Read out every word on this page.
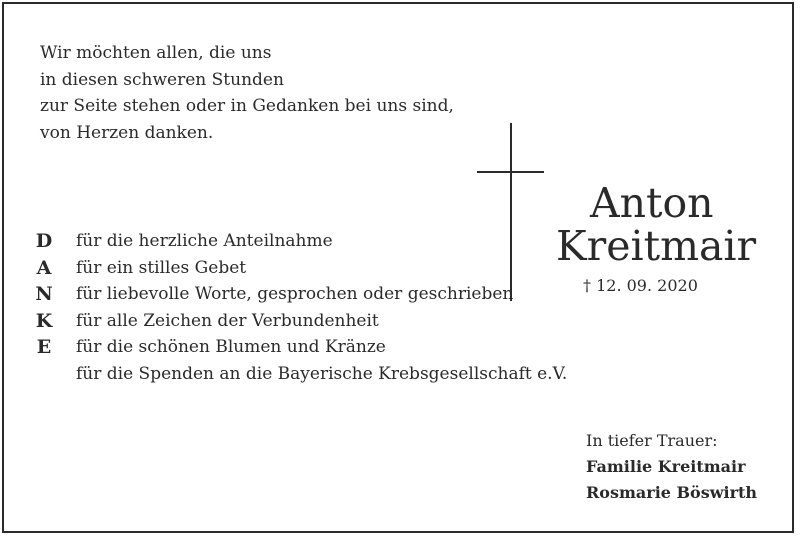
Wir möchten allen, die uns
in diesen schweren Stunden
zur Seite stehen oder in Gedanken bei uns sind,
von Herzen danken.
Anton
Kreitmair
† 12. 09. 2020
D
A
N
K
E
für die herzliche Anteilnahme
für ein stilles Gebet
für liebevolle Worte, gesprochen oder geschrieben
für alle Zeichen der Verbundenheit
für die schönen Blumen und Kränze
für die Spenden an die Bayerische Krebsgesellschaft e.V.
In tiefer Trauer:
Familie Kreitmair
Rosmarie Böswirth
